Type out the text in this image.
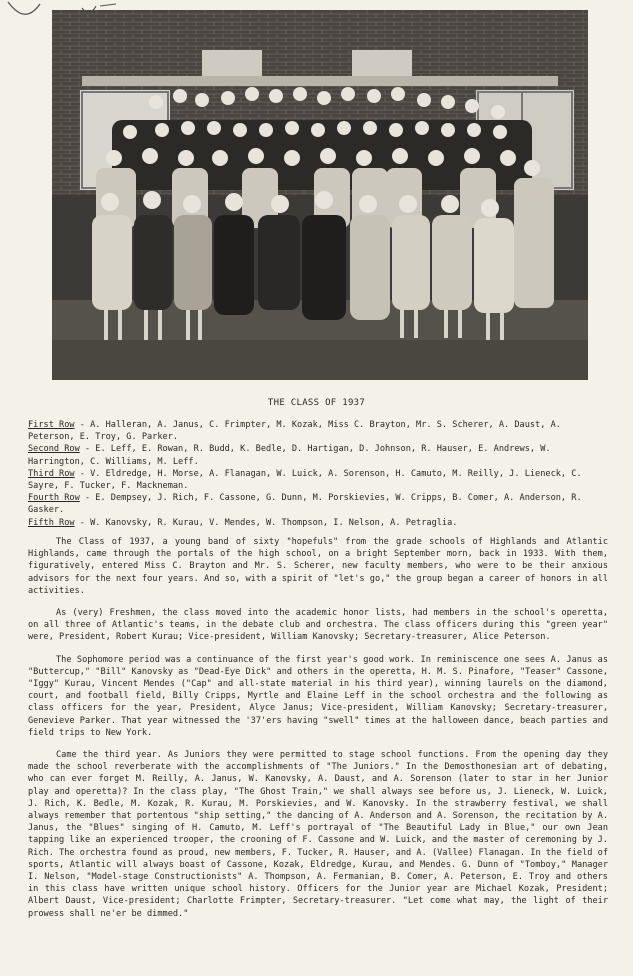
THE CLASS OF 1937

First Row - A. Halleran, A. Janus, C. Frimpter, M. Kozak, Miss C. Brayton, Mr. S. Scherer, A. Daust, A. Peterson, E. Troy, G. Parker.

Second Row - E. Leff, E. Rowan, R. Budd, K. Bedle, D. Hartigan, D. Johnson, R. Hauser, E. Andrews, W. Harrington, C. Williams, M. Leff.

Third Row - V. Eldredge, H. Morse, A. Flanagan, W. Luick, A. Sorenson, H. Camuto, M. Reilly, J. Lieneck, C. Sayre, F. Tucker, F. Mackneman.

Fourth Row - E. Dempsey, J. Rich, F. Cassone, G. Dunn, M. Porskievies, W. Cripps, B. Comer, A. Anderson, R. Gasker.

Fifth Row - W. Kanovsky, R. Kurau, V. Mendes, W. Thompson, I. Nelson, A. Petraglia.

The Class of 1937, a young band of sixty "hopefuls" from the grade schools of Highlands and Atlantic Highlands, came through the portals of the high school, on a bright September morn, back in 1933. With them, figuratively, entered Miss C. Brayton and Mr. S. Scherer, new faculty members, who were to be their anxious advisors for the next four years. And so, with a spirit of "let's go," the group began a career of honors in all activities.

As (very) Freshmen, the class moved into the academic honor lists, had members in the school's operetta, on all three of Atlantic's teams, in the debate club and orchestra. The class officers during this "green year" were, President, Robert Kurau; Vice-president, William Kanovsky; Secretary-treasurer, Alice Peterson.

The Sophomore period was a continuance of the first year's good work. In reminiscence one sees A. Janus as "Buttercup," "Bill" Kanovsky as "Dead-Eye Dick" and others in the operetta, H. M. S. Pinafore, "Teaser" Cassone, "Iggy" Kurau, Vincent Mendes ("Cap" and all-state material in his third year), winning laurels on the diamond, court, and football field, Billy Cripps, Myrtle and Elaine Leff in the school orchestra and the following as class officers for the year, President, Alyce Janus; Vice-president, William Kanovsky; Secretary-treasurer, Genevieve Parker. That year witnessed the '37'ers having "swell" times at the halloween dance, beach parties and field trips to New York.

Came the third year. As Juniors they were permitted to stage school functions. From the opening day they made the school reverberate with the accomplishments of "The Juniors." In the Demosthonesian art of debating, who can ever forget M. Reilly, A. Janus, W. Kanovsky, A. Daust, and A. Sorenson (later to star in her Junior play and operetta)? In the class play, "The Ghost Train," we shall always see before us, J. Lieneck, W. Luick, J. Rich, K. Bedle, M. Kozak, R. Kurau, M. Porskievies, and W. Kanovsky. In the strawberry festival, we shall always remember that portentous "ship setting," the dancing of A. Anderson and A. Sorenson, the recitation by A. Janus, the "Blues" singing of H. Camuto, M. Leff's portrayal of "The Beautiful Lady in Blue," our own Jean tapping like an experienced trooper, the crooning of F. Cassone and W. Luick, and the master of ceremoning by J. Rich. The orchestra found as proud, new members, F. Tucker, R. Hauser, and A. (Vallee) Flanagan. In the field of sports, Atlantic will always boast of Cassone, Kozak, Eldredge, Kurau, and Mendes. G. Dunn of "Tomboy," Manager I. Nelson, "Model-stage Constructionists" A. Thompson, A. Fermanian, B. Comer, A. Peterson, E. Troy and others in this class have written unique school history. Officers for the Junior year are Michael Kozak, President; Albert Daust, Vice-president; Charlotte Frimpter, Secretary-treasurer. "Let come what may, the light of their prowess shall ne'er be dimmed."
